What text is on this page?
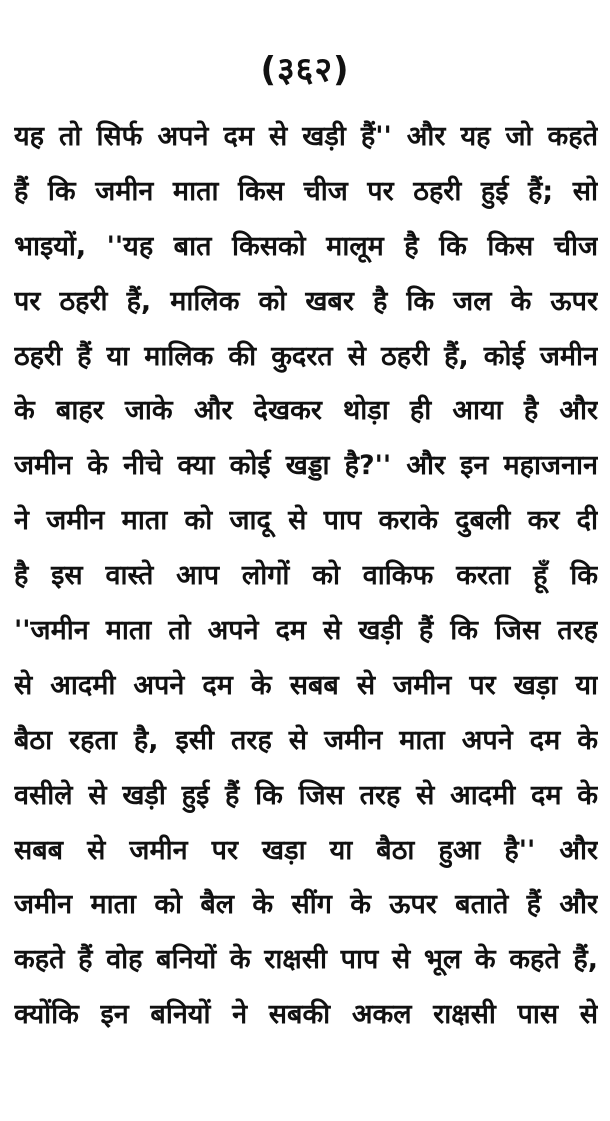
(३६२)
यह तो सिर्फ अपने दम से खड़ी हैं'' और यह जो कहते
हैं कि जमीन माता किस चीज पर ठहरी हुई हैं; सो
भाइयों, ''यह बात किसको मालूम है कि किस चीज
पर ठहरी हैं, मालिक को खबर है कि जल के ऊपर
ठहरी हैं या मालिक की कुदरत से ठहरी हैं, कोई जमीन
के बाहर जाके और देखकर थोड़ा ही आया है और
जमीन के नीचे क्या कोई खड्डा है?'' और इन महाजनान
ने जमीन माता को जादू से पाप कराके दुबली कर दी
है इस वास्ते आप लोगों को वाकिफ करता हूँ कि
''जमीन माता तो अपने दम से खड़ी हैं कि जिस तरह
से आदमी अपने दम के सबब से जमीन पर खड़ा या
बैठा रहता है, इसी तरह से जमीन माता अपने दम के
वसीले से खड़ी हुई हैं कि जिस तरह से आदमी दम के
सबब से जमीन पर खड़ा या बैठा हुआ है'' और
जमीन माता को बैल के सींग के ऊपर बताते हैं और
कहते हैं वोह बनियों के राक्षसी पाप से भूल के कहते हैं,
क्योंकि इन बनियों ने सबकी अकल राक्षसी पास से
